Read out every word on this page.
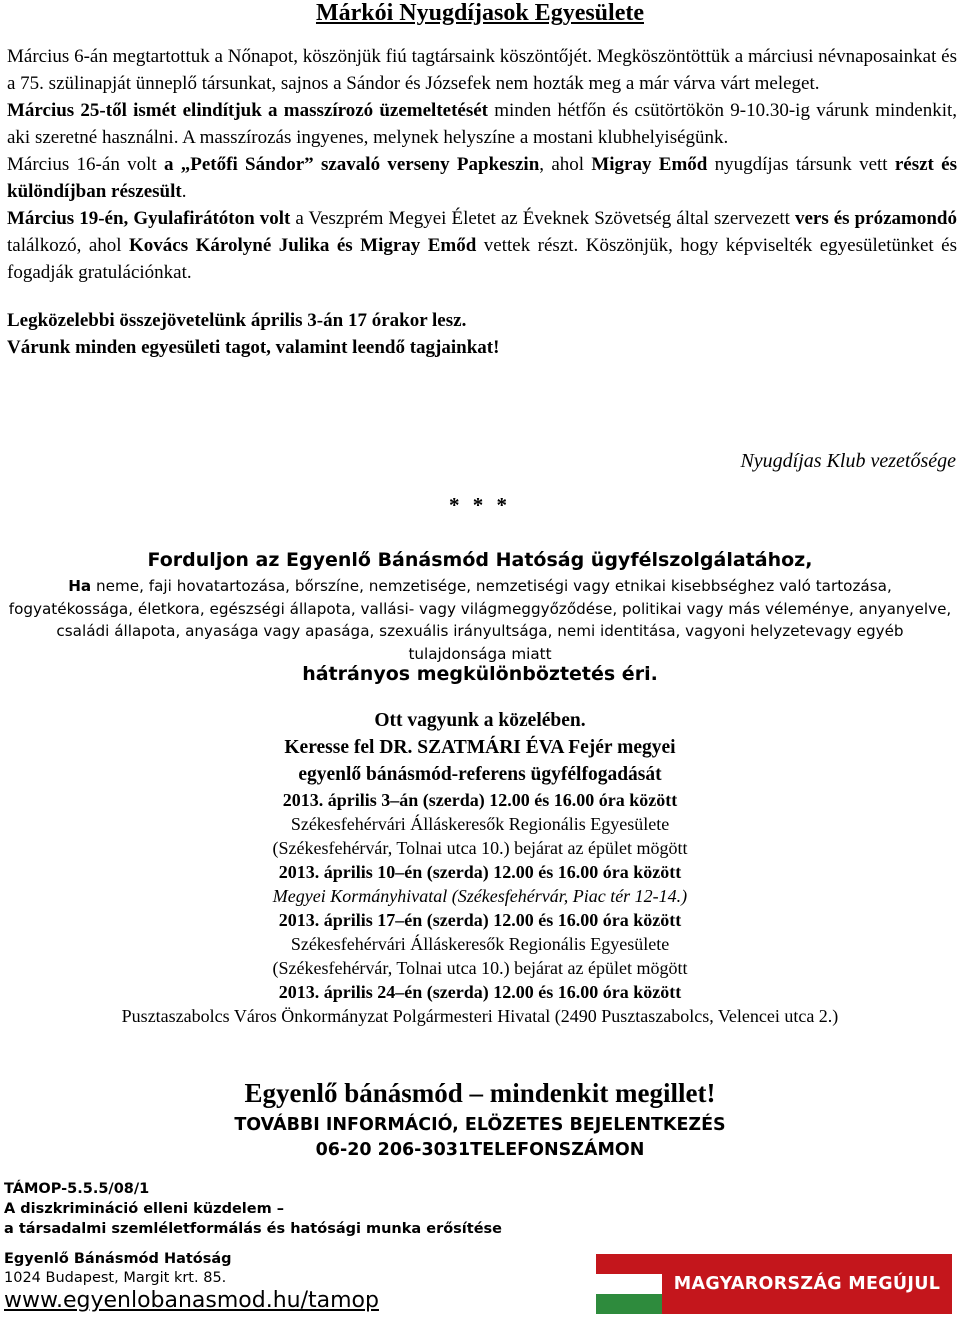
Márkói Nyugdíjasok Egyesülete

Március 6-án megtartottuk a Nőnapot, köszönjük fiú tagtársaink köszöntőjét. Megköszöntöttük a márciusi névnaposainkat és a 75. szülinapját ünneplő társunkat, sajnos a Sándor és Józsefek nem hozták meg a már várva várt meleget.

Március 25-től ismét elindítjuk a masszírozó üzemeltetését minden hétfőn és csütörtökön 9-10.30-ig várunk mindenkit, aki szeretné használni. A masszírozás ingyenes, melynek helyszíne a mostani klubhelyiségünk.

Március 16-án volt a „Petőfi Sándor” szavaló verseny Papkeszin, ahol Migray Emőd nyugdíjas társunk vett részt és különdíjban részesült.

Március 19-én, Gyulafirátóton volt a Veszprém Megyei Életet az Éveknek Szövetség által szervezett vers és prózamondó találkozó, ahol Kovács Károlyné Julika és Migray Emőd vettek részt. Köszönjük, hogy képviselték egyesületünket és fogadják gratulációnkat.

Legközelebbi összejövetelünk április 3-án 17 órakor lesz.

Várunk minden egyesületi tagot, valamint leendő tagjainkat!

Nyugdíjas Klub vezetősége
* * *
Forduljon az Egyenlő Bánásmód Hatóság ügyfélszolgálatához,
Ha neme, faji hovatartozása, bőrszíne, nemzetisége, nemzetiségi vagy etnikai kisebbséghez való tartozása, fogyatékossága, életkora, egészségi állapota, vallási- vagy világmeggyőződése, politikai vagy más véleménye, anyanyelve, családi állapota, anyasága vagy apasága, szexuális irányultsága, nemi identitása, vagyoni helyzetevagy egyéb tulajdonsága miatt
hátrányos megkülönböztetés éri.
Ott vagyunk a közelében.
Keresse fel DR. SZATMÁRI ÉVA Fejér megyei
egyenlő bánásmód-referens ügyfélfogadását
2013. április 3–án (szerda) 12.00 és 16.00 óra között
Székesfehérvári Álláskeresők Regionális Egyesülete
(Székesfehérvár, Tolnai utca 10.) bejárat az épület mögött
2013. április 10–én (szerda) 12.00 és 16.00 óra között
Megyei Kormányhivatal (Székesfehérvár, Piac tér 12-14.)
2013. április 17–én (szerda) 12.00 és 16.00 óra között
Székesfehérvári Álláskeresők Regionális Egyesülete
(Székesfehérvár, Tolnai utca 10.) bejárat az épület mögött
2013. április 24–én (szerda) 12.00 és 16.00 óra között
Pusztaszabolcs Város Önkormányzat Polgármesteri Hivatal (2490 Pusztaszabolcs, Velencei utca 2.)
Egyenlő bánásmód – mindenkit megillet!
TOVÁBBI INFORMÁCIÓ, ELÖZETES BEJELENTKEZÉS
06-20 206-3031TELEFONSZÁMON
TÁMOP-5.5.5/08/1
A diszkrimináció elleni küzdelem –
a társadalmi szemléletformálás és hatósági munka erősítése
Egyenlő Bánásmód Hatóság
1024 Budapest, Margit krt. 85.
www.egyenlobanasmod.hu/tamop
MAGYARORSZÁG MEGÚJUL
